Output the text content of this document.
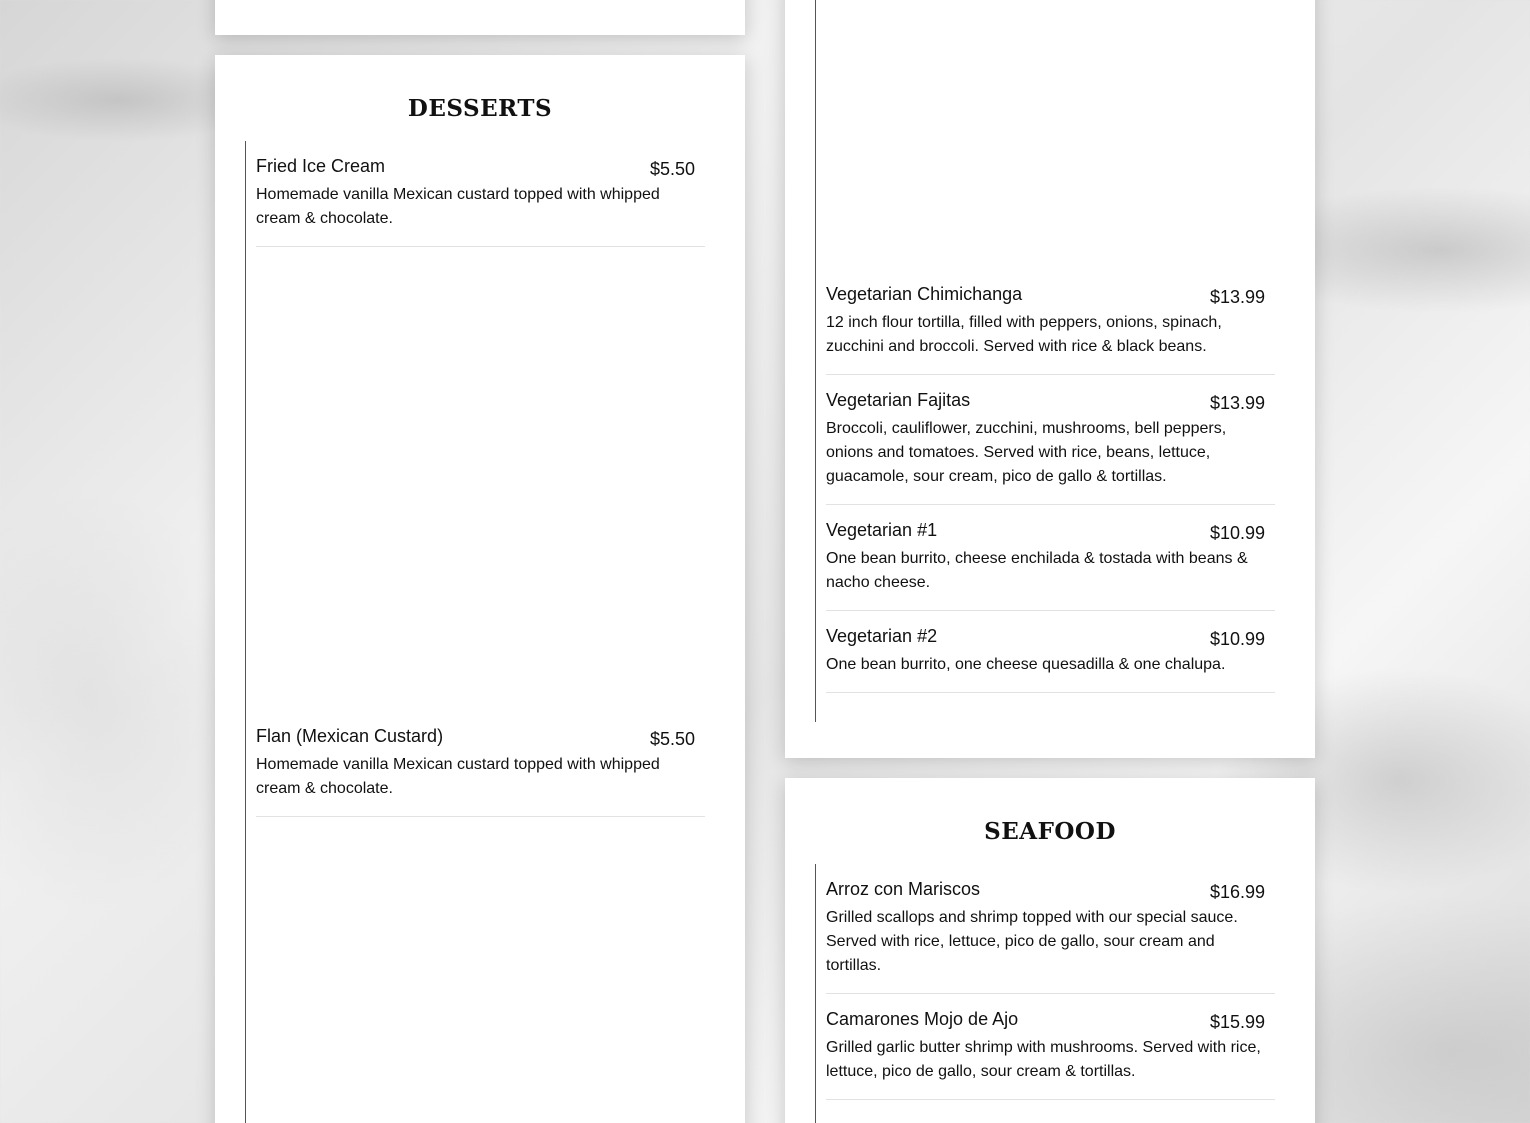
DESSERTS
Fried Ice Cream	$5.50
Homemade vanilla Mexican custard topped with whipped cream & chocolate.
Flan (Mexican Custard)	$5.50
Homemade vanilla Mexican custard topped with whipped cream & chocolate.
Vegetarian Chimichanga	$13.99
12 inch flour tortilla, filled with peppers, onions, spinach, zucchini and broccoli. Served with rice & black beans.
Vegetarian Fajitas	$13.99
Broccoli, cauliflower, zucchini, mushrooms, bell peppers, onions and tomatoes. Served with rice, beans, lettuce, guacamole, sour cream, pico de gallo & tortillas.
Vegetarian #1	$10.99
One bean burrito, cheese enchilada & tostada with beans & nacho cheese.
Vegetarian #2	$10.99
One bean burrito, one cheese quesadilla & one chalupa.
SEAFOOD
Arroz con Mariscos	$16.99
Grilled scallops and shrimp topped with our special sauce. Served with rice, lettuce, pico de gallo, sour cream and tortillas.
Camarones Mojo de Ajo	$15.99
Grilled garlic butter shrimp with mushrooms. Served with rice, lettuce, pico de gallo, sour cream & tortillas.
